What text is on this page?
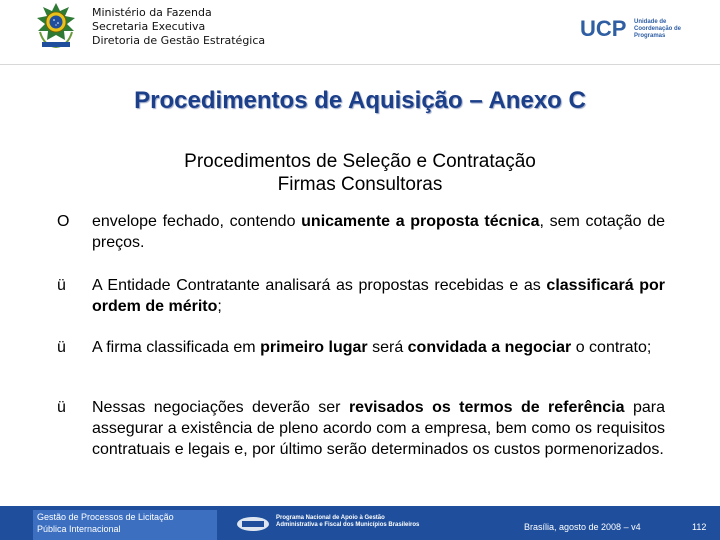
Ministério da Fazenda
Secretaria Executiva
Diretoria de Gestão Estratégica	UCP Unidade de
Coordenação de
Programas
Procedimentos de Aquisição – Anexo C
Procedimentos de Seleção e Contratação
Firmas Consultoras
O	envelope fechado, contendo unicamente a proposta técnica, sem cotação de preços.
ü	A Entidade Contratante analisará as propostas recebidas e as classificará por ordem de mérito;
ü	A firma classificada em primeiro lugar será convidada a negociar o contrato;
ü	Nessas negociações deverão ser revisados os termos de referência para assegurar a existência de pleno acordo com a empresa, bem como os requisitos contratuais e legais e, por último serão determinados os custos pormenorizados.
Gestão de Processos de Licitação
Pública Internacional
Programa Nacional de Apoio à Gestão
Administrativa e Fiscal dos Municípios Brasileiros	Brasília, agosto de 2008 – v4	112
